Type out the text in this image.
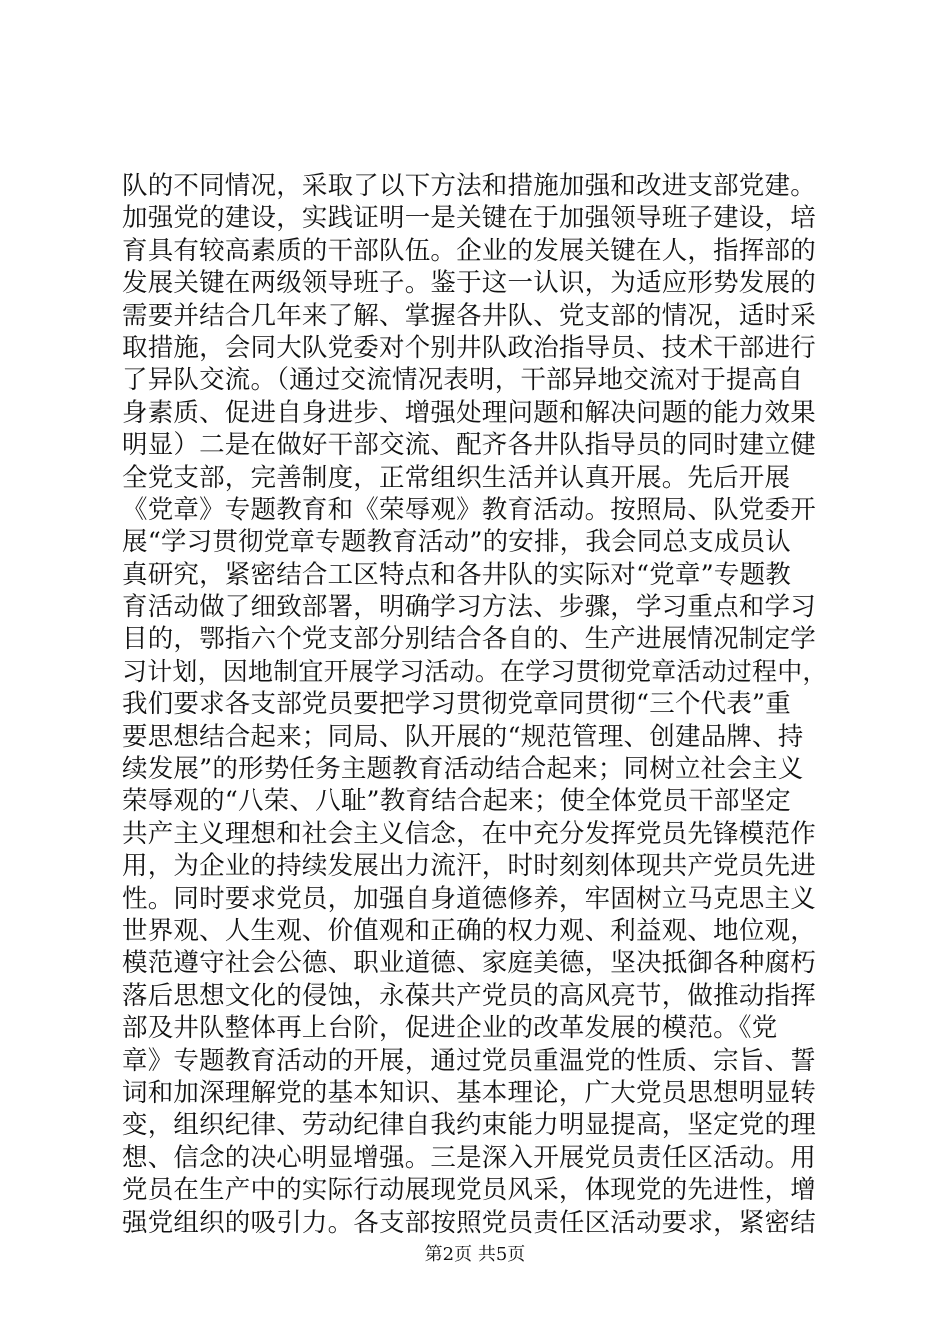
队的不同情况，采取了以下方法和措施加强和改进支部党建。
加强党的建设，实践证明一是关键在于加强领导班子建设，培
育具有较高素质的干部队伍。企业的发展关键在人，指挥部的
发展关键在两级领导班子。鉴于这一认识，为适应形势发展的
需要并结合几年来了解、掌握各井队、党支部的情况，适时采
取措施，会同大队党委对个别井队政治指导员、技术干部进行
了异队交流。（通过交流情况表明，干部异地交流对于提高自
身素质、促进自身进步、增强处理问题和解决问题的能力效果
明显）二是在做好干部交流、配齐各井队指导员的同时建立健
全党支部，完善制度，正常组织生活并认真开展。先后开展
《党章》专题教育和《荣辱观》教育活动。按照局、队党委开
展“学习贯彻党章专题教育活动”的安排，我会同总支成员认
真研究，紧密结合工区特点和各井队的实际对“党章”专题教
育活动做了细致部署，明确学习方法、步骤，学习重点和学习
目的，鄂指六个党支部分别结合各自的、生产进展情况制定学
习计划，因地制宜开展学习活动。在学习贯彻党章活动过程中，
我们要求各支部党员要把学习贯彻党章同贯彻“三个代表”重
要思想结合起来；同局、队开展的“规范管理、创建品牌、持
续发展”的形势任务主题教育活动结合起来；同树立社会主义
荣辱观的“八荣、八耻”教育结合起来；使全体党员干部坚定
共产主义理想和社会主义信念，在中充分发挥党员先锋模范作
用，为企业的持续发展出力流汗，时时刻刻体现共产党员先进
性。同时要求党员，加强自身道德修养，牢固树立马克思主义
世界观、人生观、价值观和正确的权力观、利益观、地位观，
模范遵守社会公德、职业道德、家庭美德，坚决抵御各种腐朽
落后思想文化的侵蚀，永葆共产党员的高风亮节，做推动指挥
部及井队整体再上台阶，促进企业的改革发展的模范。《党
章》专题教育活动的开展，通过党员重温党的性质、宗旨、誓
词和加深理解党的基本知识、基本理论，广大党员思想明显转
变，组织纪律、劳动纪律自我约束能力明显提高，坚定党的理
想、信念的决心明显增强。三是深入开展党员责任区活动。用
党员在生产中的实际行动展现党员风采，体现党的先进性，增
强党组织的吸引力。各支部按照党员责任区活动要求，紧密结
第2页 共5页
